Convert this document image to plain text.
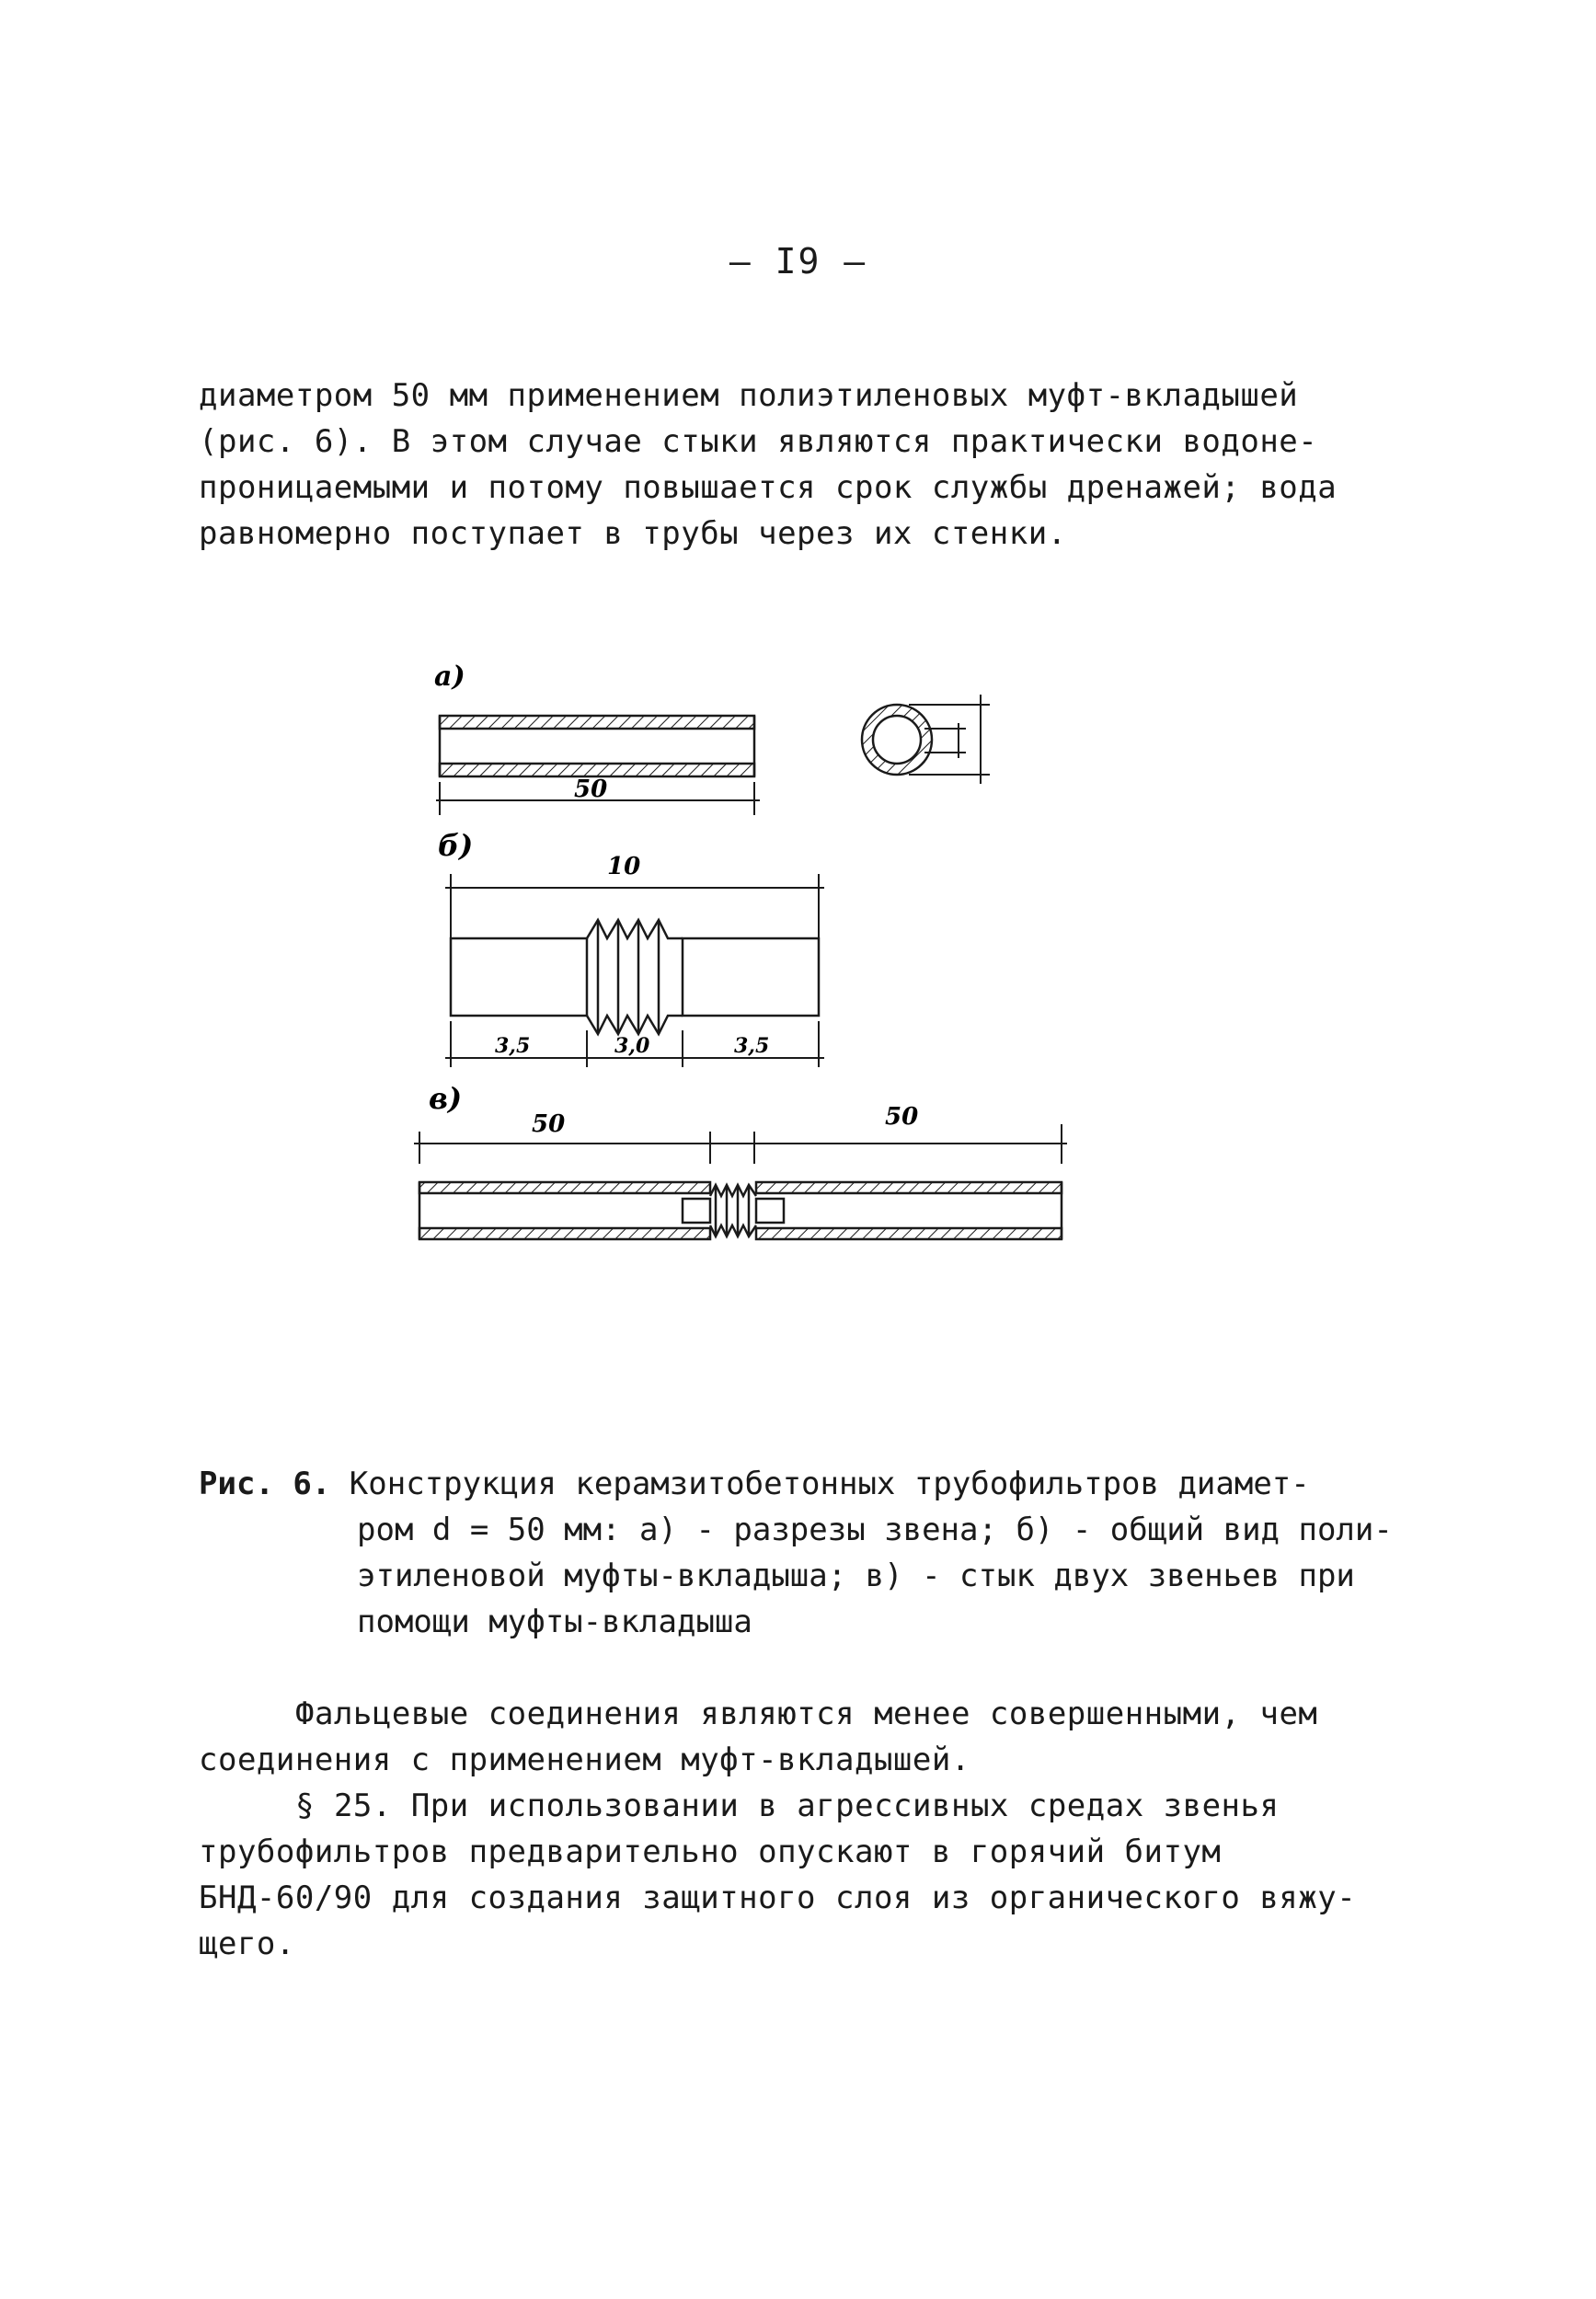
— I9 —
диаметром 50 мм применением полиэтиленовых муфт-вкладышей
(рис. 6). В этом случае стыки являются практически водоне-
проницаемыми и потому повышается срок службы дренажей; вода
равномерно поступает в трубы через их стенки.
а)
50
б)
10
3,5	3,0	3,5
в)
50	50
Рис. 6. Конструкция керамзитобетонных трубофильтров диамет-
ром d = 50 мм: а) - разрезы звена; б) - общий вид поли-
этиленовой муфты-вкладыша; в) - стык двух звеньев при
помощи муфты-вкладыша
Фальцевые соединения являются менее совершенными, чем
соединения с применением муфт-вкладышей.
§ 25. При использовании в агрессивных средах звенья
трубофильтров предварительно опускают в горячий битум
БНД-60/90 для создания защитного слоя из органического вяжу-
щего.
